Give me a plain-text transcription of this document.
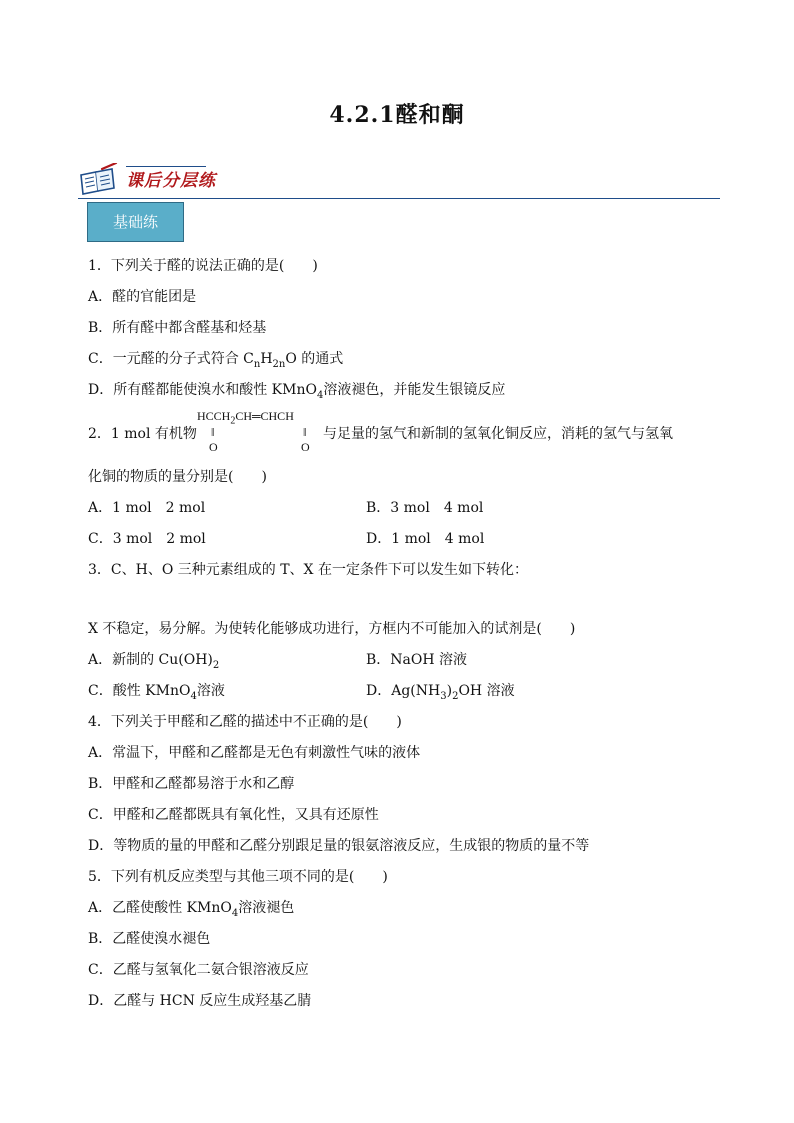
4.2.1醛和酮
课后分层练
基础练
1．下列关于醛的说法正确的是(　　)
A．醛的官能团是
B．所有醛中都含醛基和烃基
C．一元醛的分子式符合 $C_nH_{2n}O$ 的通式
D．所有醛都能使溴水和酸性 KMnO$_4$溶液褪色，并能发生银镜反应
2．1 mol 有机物
$HCCH_2CH═CHCH$
‖	‖
O	O
与足量的氢气和新制的氢氧化铜反应，消耗的氢气与氢氧
化铜的物质的量分别是(　　)
A．1 mol　2 mol	B．3 mol　4 mol
C．3 mol　2 mol	D．1 mol　4 mol
3．C、H、O 三种元素组成的 T、X 在一定条件下可以发生如下转化：
X 不稳定，易分解。为使转化能够成功进行，方框内不可能加入的试剂是(　　)
A．新制的 $Cu(OH)_2$	B．NaOH 溶液
C．酸性 KMnO$_4$溶液	D．$Ag(NH_3)_2OH$ 溶液
4．下列关于甲醛和乙醛的描述中不正确的是(　　)
A．常温下，甲醛和乙醛都是无色有刺激性气味的液体
B．甲醛和乙醛都易溶于水和乙醇
C．甲醛和乙醛都既具有氧化性，又具有还原性
D．等物质的量的甲醛和乙醛分别跟足量的银氨溶液反应，生成银的物质的量不等
5．下列有机反应类型与其他三项不同的是(　　)
A．乙醛使酸性 KMnO$_4$溶液褪色
B．乙醛使溴水褪色
C．乙醛与氢氧化二氨合银溶液反应
D．乙醛与 HCN 反应生成羟基乙腈
